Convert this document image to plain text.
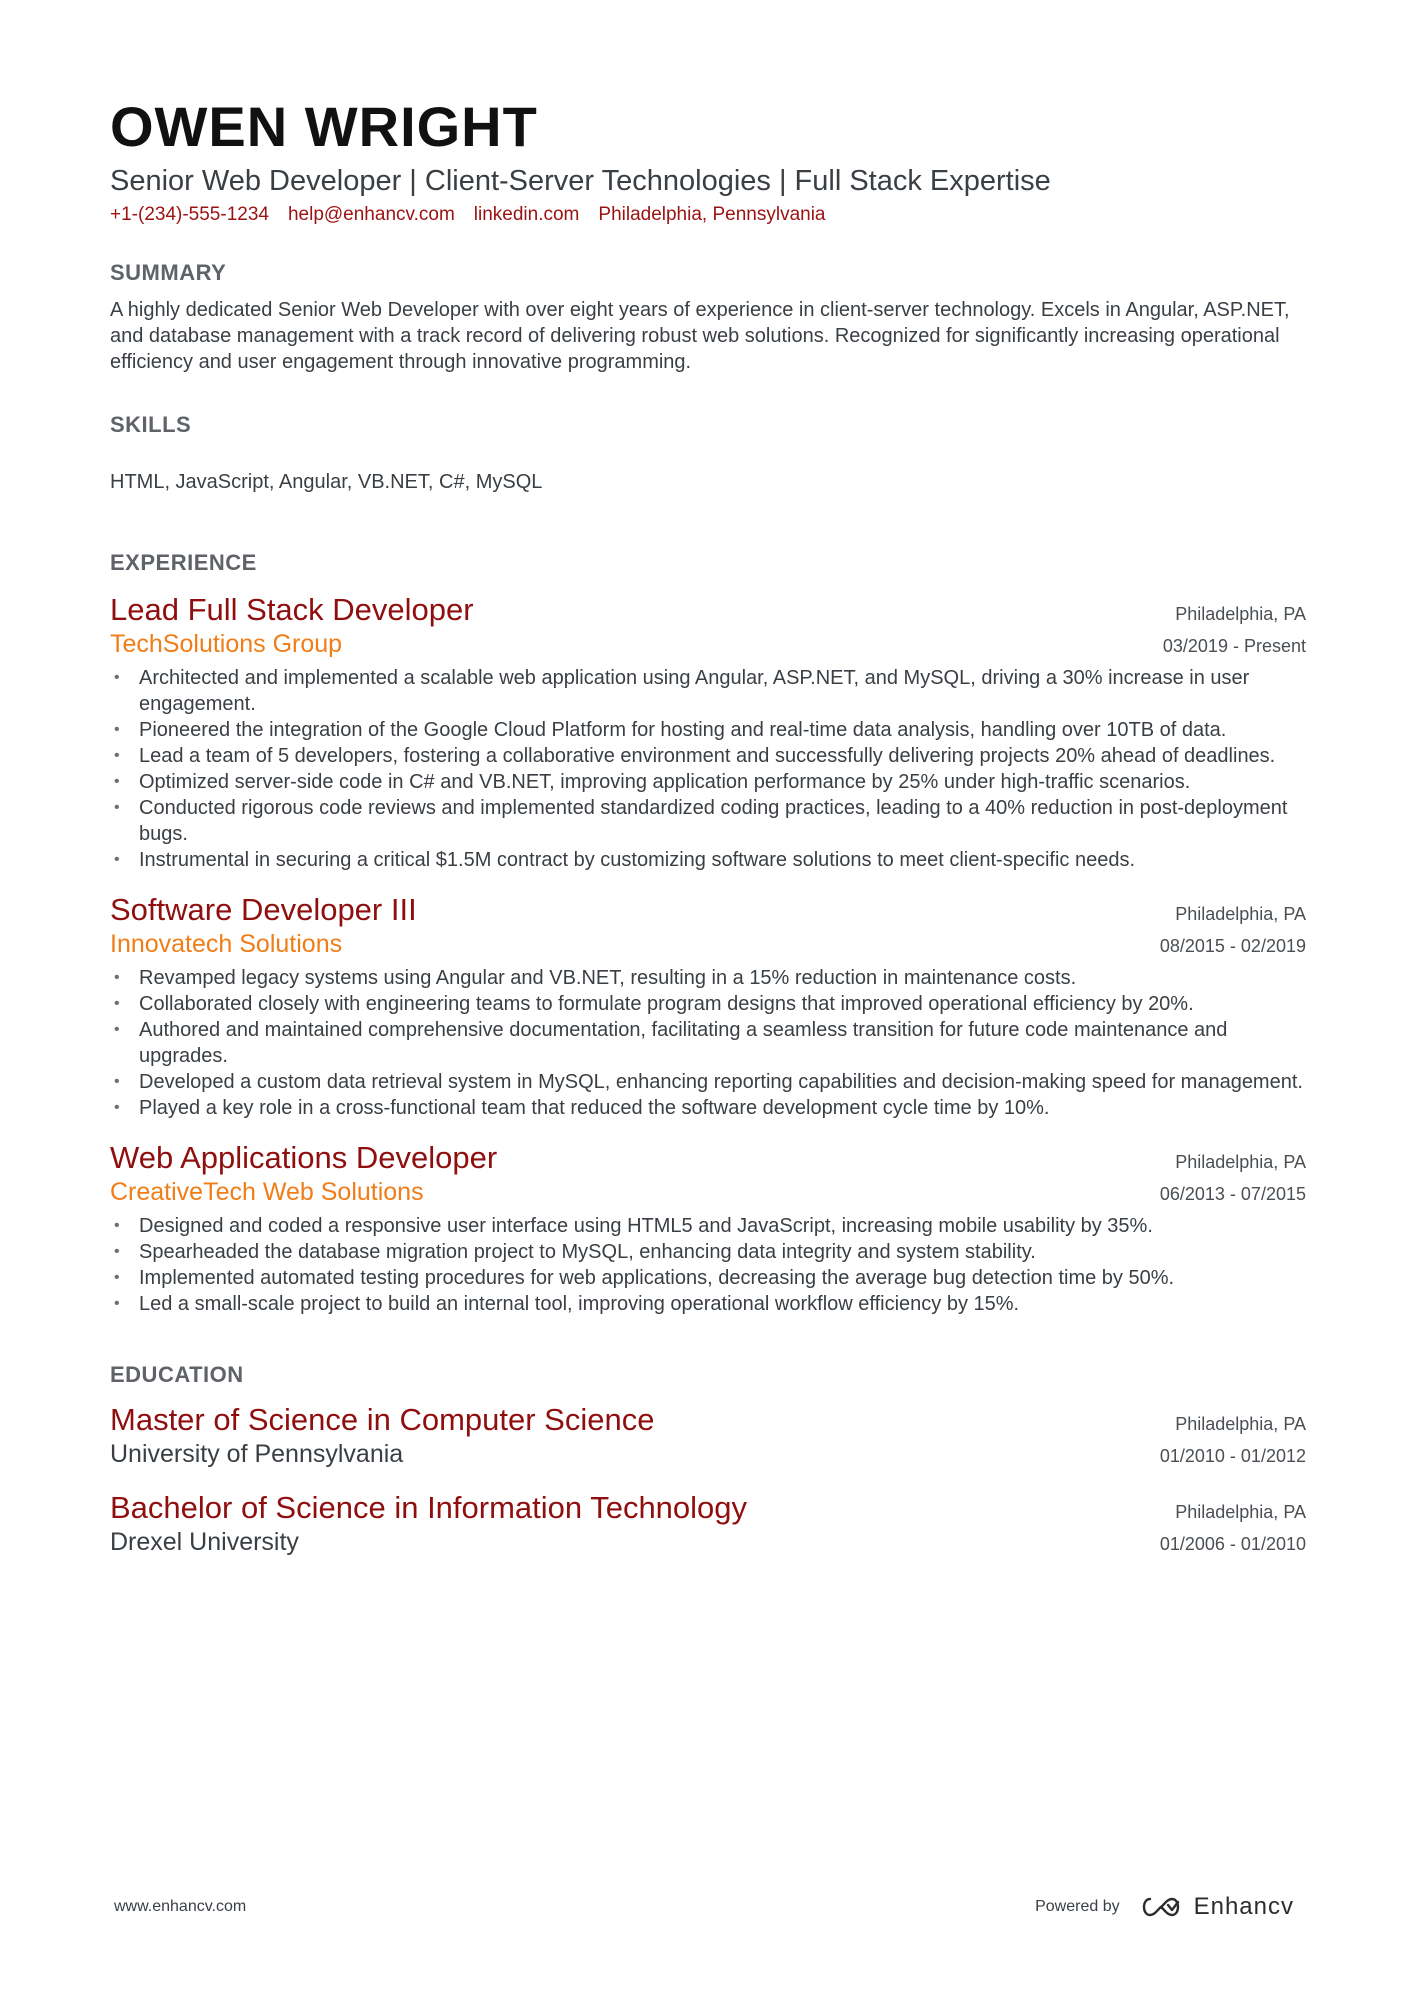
OWEN WRIGHT
Senior Web Developer | Client-Server Technologies | Full Stack Expertise
+1-(234)-555-1234 help@enhancv.com linkedin.com Philadelphia, Pennsylvania
SUMMARY
A highly dedicated Senior Web Developer with over eight years of experience in client-server technology. Excels in Angular, ASP.NET, and database management with a track record of delivering robust web solutions. Recognized for significantly increasing operational efficiency and user engagement through innovative programming.
SKILLS
HTML, JavaScript, Angular, VB.NET, C#, MySQL
EXPERIENCE
Lead Full Stack Developer	Philadelphia, PA
TechSolutions Group	03/2019 - Present
• Architected and implemented a scalable web application using Angular, ASP.NET, and MySQL, driving a 30% increase in user engagement.
• Pioneered the integration of the Google Cloud Platform for hosting and real-time data analysis, handling over 10TB of data.
• Lead a team of 5 developers, fostering a collaborative environment and successfully delivering projects 20% ahead of deadlines.
• Optimized server-side code in C# and VB.NET, improving application performance by 25% under high-traffic scenarios.
• Conducted rigorous code reviews and implemented standardized coding practices, leading to a 40% reduction in post-deployment bugs.
• Instrumental in securing a critical $1.5M contract by customizing software solutions to meet client-specific needs.
Software Developer III	Philadelphia, PA
Innovatech Solutions	08/2015 - 02/2019
• Revamped legacy systems using Angular and VB.NET, resulting in a 15% reduction in maintenance costs.
• Collaborated closely with engineering teams to formulate program designs that improved operational efficiency by 20%.
• Authored and maintained comprehensive documentation, facilitating a seamless transition for future code maintenance and upgrades.
• Developed a custom data retrieval system in MySQL, enhancing reporting capabilities and decision-making speed for management.
• Played a key role in a cross-functional team that reduced the software development cycle time by 10%.
Web Applications Developer	Philadelphia, PA
CreativeTech Web Solutions	06/2013 - 07/2015
• Designed and coded a responsive user interface using HTML5 and JavaScript, increasing mobile usability by 35%.
• Spearheaded the database migration project to MySQL, enhancing data integrity and system stability.
• Implemented automated testing procedures for web applications, decreasing the average bug detection time by 50%.
• Led a small-scale project to build an internal tool, improving operational workflow efficiency by 15%.
EDUCATION
Master of Science in Computer Science	Philadelphia, PA
University of Pennsylvania	01/2010 - 01/2012
Bachelor of Science in Information Technology	Philadelphia, PA
Drexel University	01/2006 - 01/2010
www.enhancv.com	Powered by	Enhancv
